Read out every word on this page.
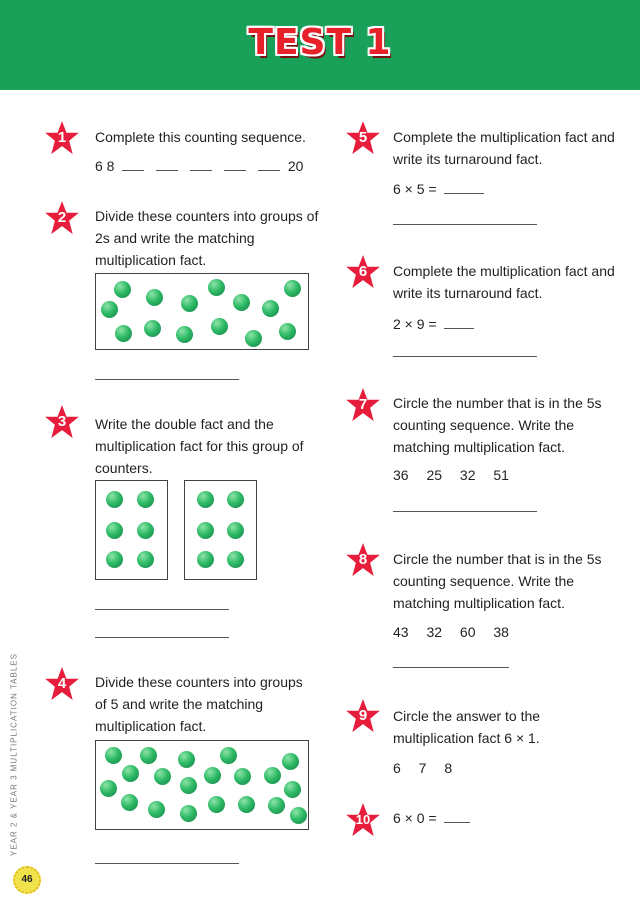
TEST 1
1	Complete this counting sequence.
6 8	20
2	Divide these counters into groups of 2s and write the matching multiplication fact.
3	Write the double fact and the multiplication fact for this group of counters.
4	Divide these counters into groups of 5 and write the matching multiplication fact.
5	Complete the multiplication fact and write its turnaround fact.
6 × 5 =
6	Complete the multiplication fact and write its turnaround fact.
2 × 9 =
7	Circle the number that is in the 5s counting sequence. Write the matching multiplication fact.
36 25 32 51
8	Circle the number that is in the 5s counting sequence. Write the matching multiplication fact.
43 32 60 38
9	Circle the answer to the multiplication fact 6 × 1.
6 7 8
10	6 × 0 =
YEAR 2 & YEAR 3 MULTIPLICATION TABLES
46
